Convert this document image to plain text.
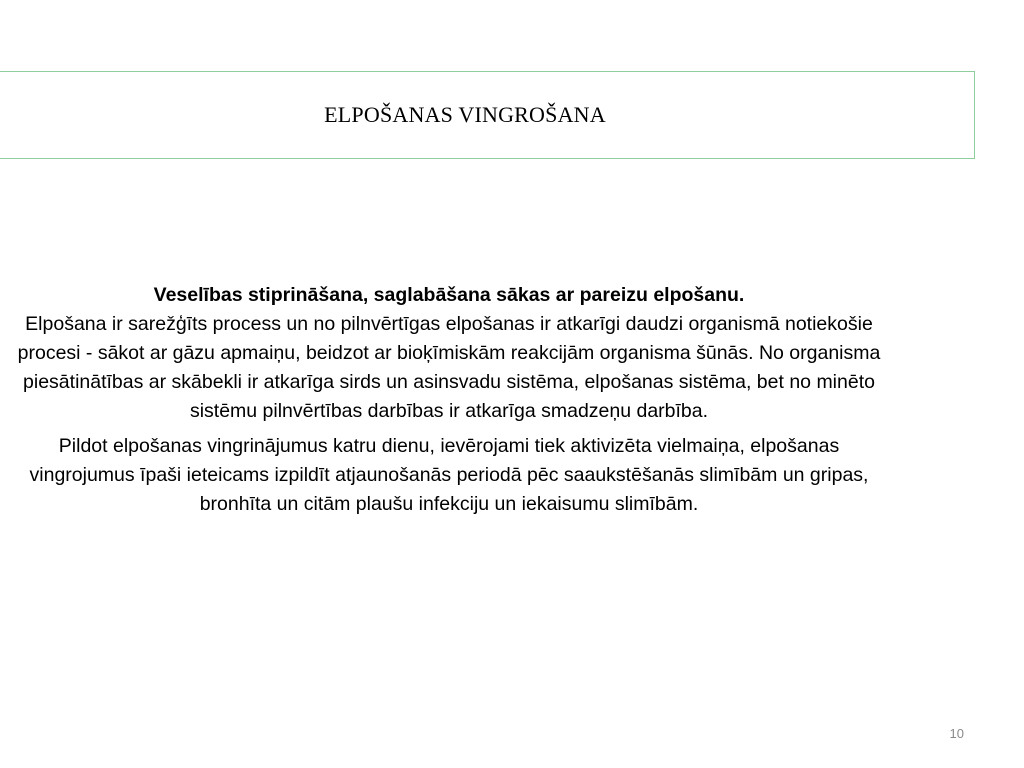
ELPOŠANAS VINGROŠANA

Veselības stiprināšana, saglabāšana sākas ar pareizu elpošanu.
Elpošana ir sarežģīts process un no pilnvērtīgas elpošanas ir atkarīgi daudzi organismā notiekošie procesi - sākot ar gāzu apmaiņu, beidzot ar bioķīmiskām reakcijām organisma šūnās. No organisma piesātinātības ar skābekli ir atkarīga sirds un asinsvadu sistēma, elpošanas sistēma, bet no minēto sistēmu pilnvērtības darbības ir atkarīga smadzeņu darbība.

Pildot elpošanas vingrinājumus katru dienu, ievērojami tiek aktivizēta vielmaiņa, elpošanas vingrojumus īpaši ieteicams izpildīt atjaunošanās periodā pēc saaukstēšanās slimībām un gripas, bronhīta un citām plaušu infekciju un iekaisumu slimībām.

10
